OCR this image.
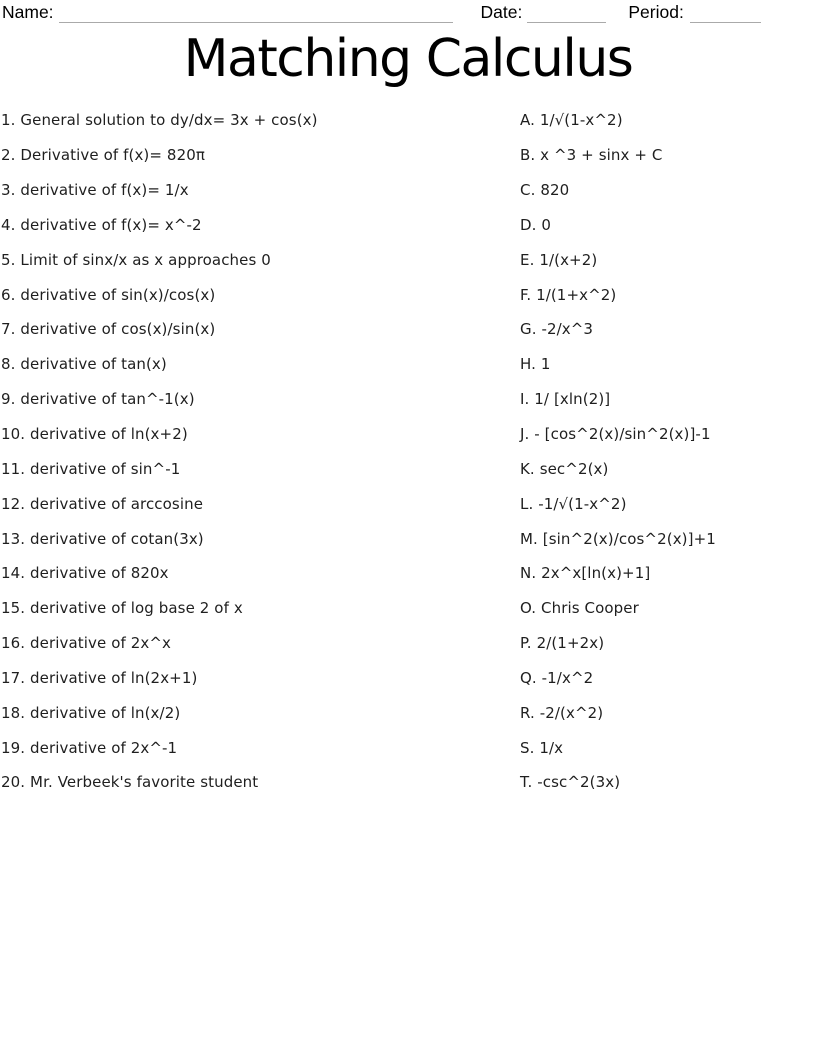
Name:	Date:	Period:
Matching Calculus
1. General solution to dy/dx= 3x + cos(x)	A. 1/√(1-x^2)
2. Derivative of f(x)= 820π	B. x ^3 + sinx + C
3. derivative of f(x)= 1/x	C. 820
4. derivative of f(x)= x^-2	D. 0
5. Limit of sinx/x as x approaches 0	E. 1/(x+2)
6. derivative of sin(x)/cos(x)	F. 1/(1+x^2)
7. derivative of cos(x)/sin(x)	G. -2/x^3
8. derivative of tan(x)	H. 1
9. derivative of tan^-1(x)	I. 1/ [xln(2)]
10. derivative of ln(x+2)	J. - [cos^2(x)/sin^2(x)]-1
11. derivative of sin^-1	K. sec^2(x)
12. derivative of arccosine	L. -1/√(1-x^2)
13. derivative of cotan(3x)	M. [sin^2(x)/cos^2(x)]+1
14. derivative of 820x	N. 2x^x[ln(x)+1]
15. derivative of log base 2 of x	O. Chris Cooper
16. derivative of 2x^x	P. 2/(1+2x)
17. derivative of ln(2x+1)	Q. -1/x^2
18. derivative of ln(x/2)	R. -2/(x^2)
19. derivative of 2x^-1	S. 1/x
20. Mr. Verbeek's favorite student	T. -csc^2(3x)
